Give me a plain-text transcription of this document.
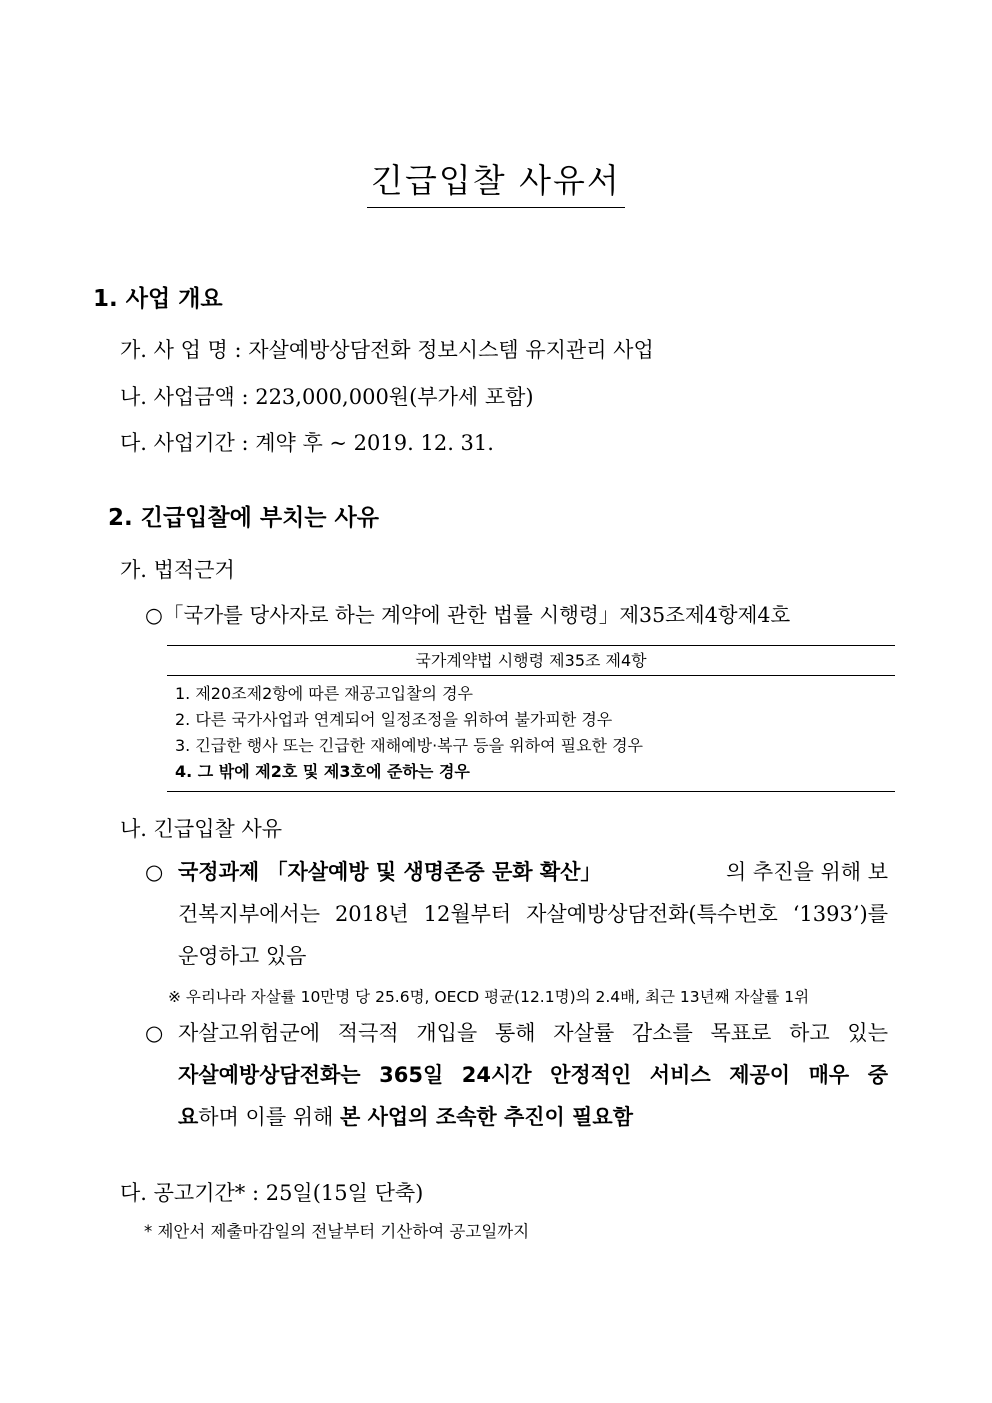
긴급입찰 사유서
1. 사업 개요
가. 사 업 명 : 자살예방상담전화 정보시스템 유지관리 사업
나. 사업금액 : 223,000,000원(부가세 포함)
다. 사업기간 : 계약 후 ~ 2019. 12. 31.
2. 긴급입찰에 부치는 사유
가. 법적근거
○「국가를 당사자로 하는 계약에 관한 법률 시행령」제35조제4항제4호
국가계약법 시행령 제35조 제4항
1. 제20조제2항에 따른 재공고입찰의 경우
2. 다른 국가사업과 연계되어 일정조정을 위하여 불가피한 경우
3. 긴급한 행사 또는 긴급한 재해예방·복구 등을 위하여 필요한 경우
4. 그 밖에 제2호 및 제3호에 준하는 경우
나. 긴급입찰 사유
○ 국정과제 「자살예방 및 생명존중 문화 확산」	의 추진을 위해 보
건복지부에서는 2018년 12월부터 자살예방상담전화(특수번호 ‘1393’)를
운영하고 있음
※ 우리나라 자살률 10만명 당 25.6명, OECD 평균(12.1명)의 2.4배, 최근 13년째 자살률 1위
○ 자살고위험군에 적극적 개입을 통해 자살률 감소를 목표로 하고 있는
자살예방상담전화는 365일 24시간 안정적인 서비스 제공이 매우 중
요하며 이를 위해 본 사업의 조속한 추진이 필요함
다. 공고기간* : 25일(15일 단축)
* 제안서 제출마감일의 전날부터 기산하여 공고일까지
